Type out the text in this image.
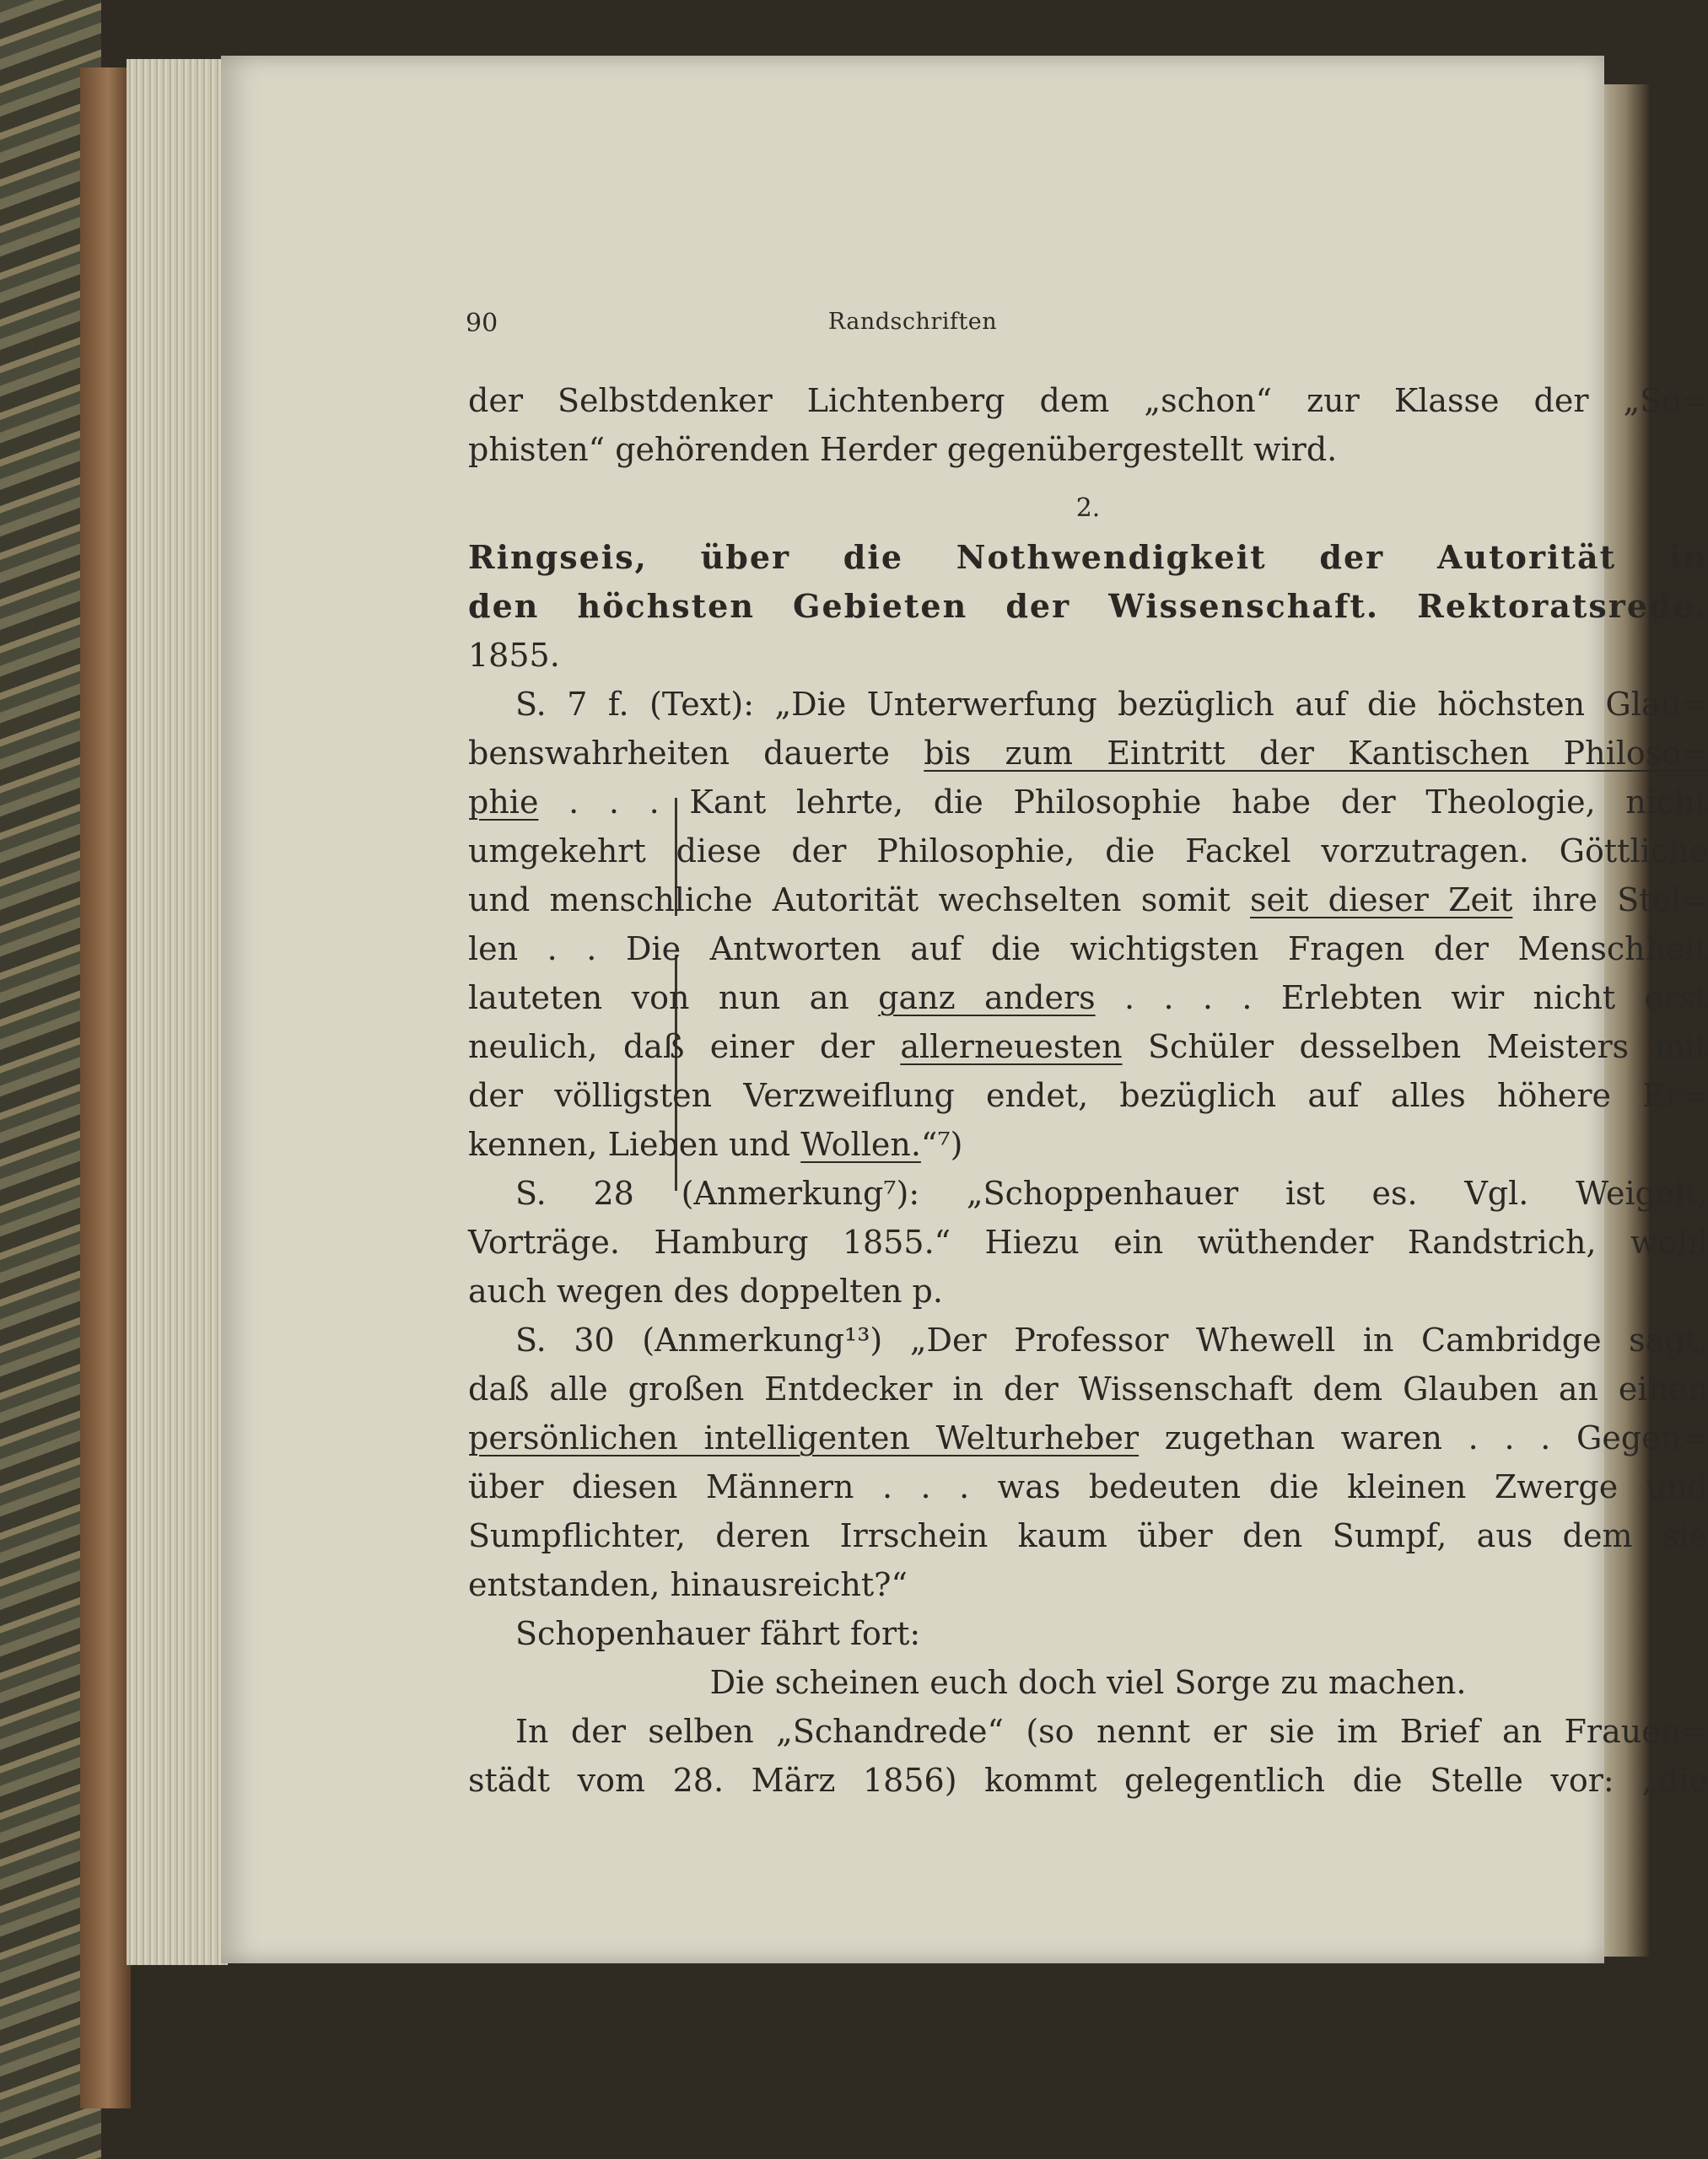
90	Randschriften
der Selbstdenker Lichtenberg dem „schon“ zur Klasse der „So=
phisten“ gehörenden Herder gegenübergestellt wird.
2.
Ringseis, über die Nothwendigkeit der Autorität in
den höchsten Gebieten der Wissenschaft. Rektoratsrede.
1855.
S. 7 f. (Text): „Die Unterwerfung bezüglich auf die höchsten Glau=
benswahrheiten dauerte bis zum Eintritt der Kantischen Philoso=
phie . . . Kant lehrte, die Philosophie habe der Theologie, nicht
umgekehrt diese der Philosophie, die Fackel vorzutragen. Göttliche
und menschliche Autorität wechselten somit seit dieser Zeit ihre Stel=
len . . Die Antworten auf die wichtigsten Fragen der Menschheit
lauteten von nun an ganz anders . . . . Erlebten wir nicht erst
neulich, daß einer der allerneuesten Schüler desselben Meisters mit
der völligsten Verzweiflung endet, bezüglich auf alles höhere Er=
kennen, Lieben und Wollen.“⁷)
S. 28 (Anmerkung⁷): „Schoppenhauer ist es. Vgl. Weigelt,
Vorträge. Hamburg 1855.“ Hiezu ein wüthender Randstrich, wohl
auch wegen des doppelten p.
S. 30 (Anmerkung¹³) „Der Professor Whewell in Cambridge sagt,
daß alle großen Entdecker in der Wissenschaft dem Glauben an einen
persönlichen intelligenten Welturheber zugethan waren . . . Gegen=
über diesen Männern . . . was bedeuten die kleinen Zwerge und
Sumpflichter, deren Irrschein kaum über den Sumpf, aus dem sie
entstanden, hinausreicht?“
Schopenhauer fährt fort:
Die scheinen euch doch viel Sorge zu machen.
In der selben „Schandrede“ (so nennt er sie im Brief an Frauen=
städt vom 28. März 1856) kommt gelegentlich die Stelle vor: „die
